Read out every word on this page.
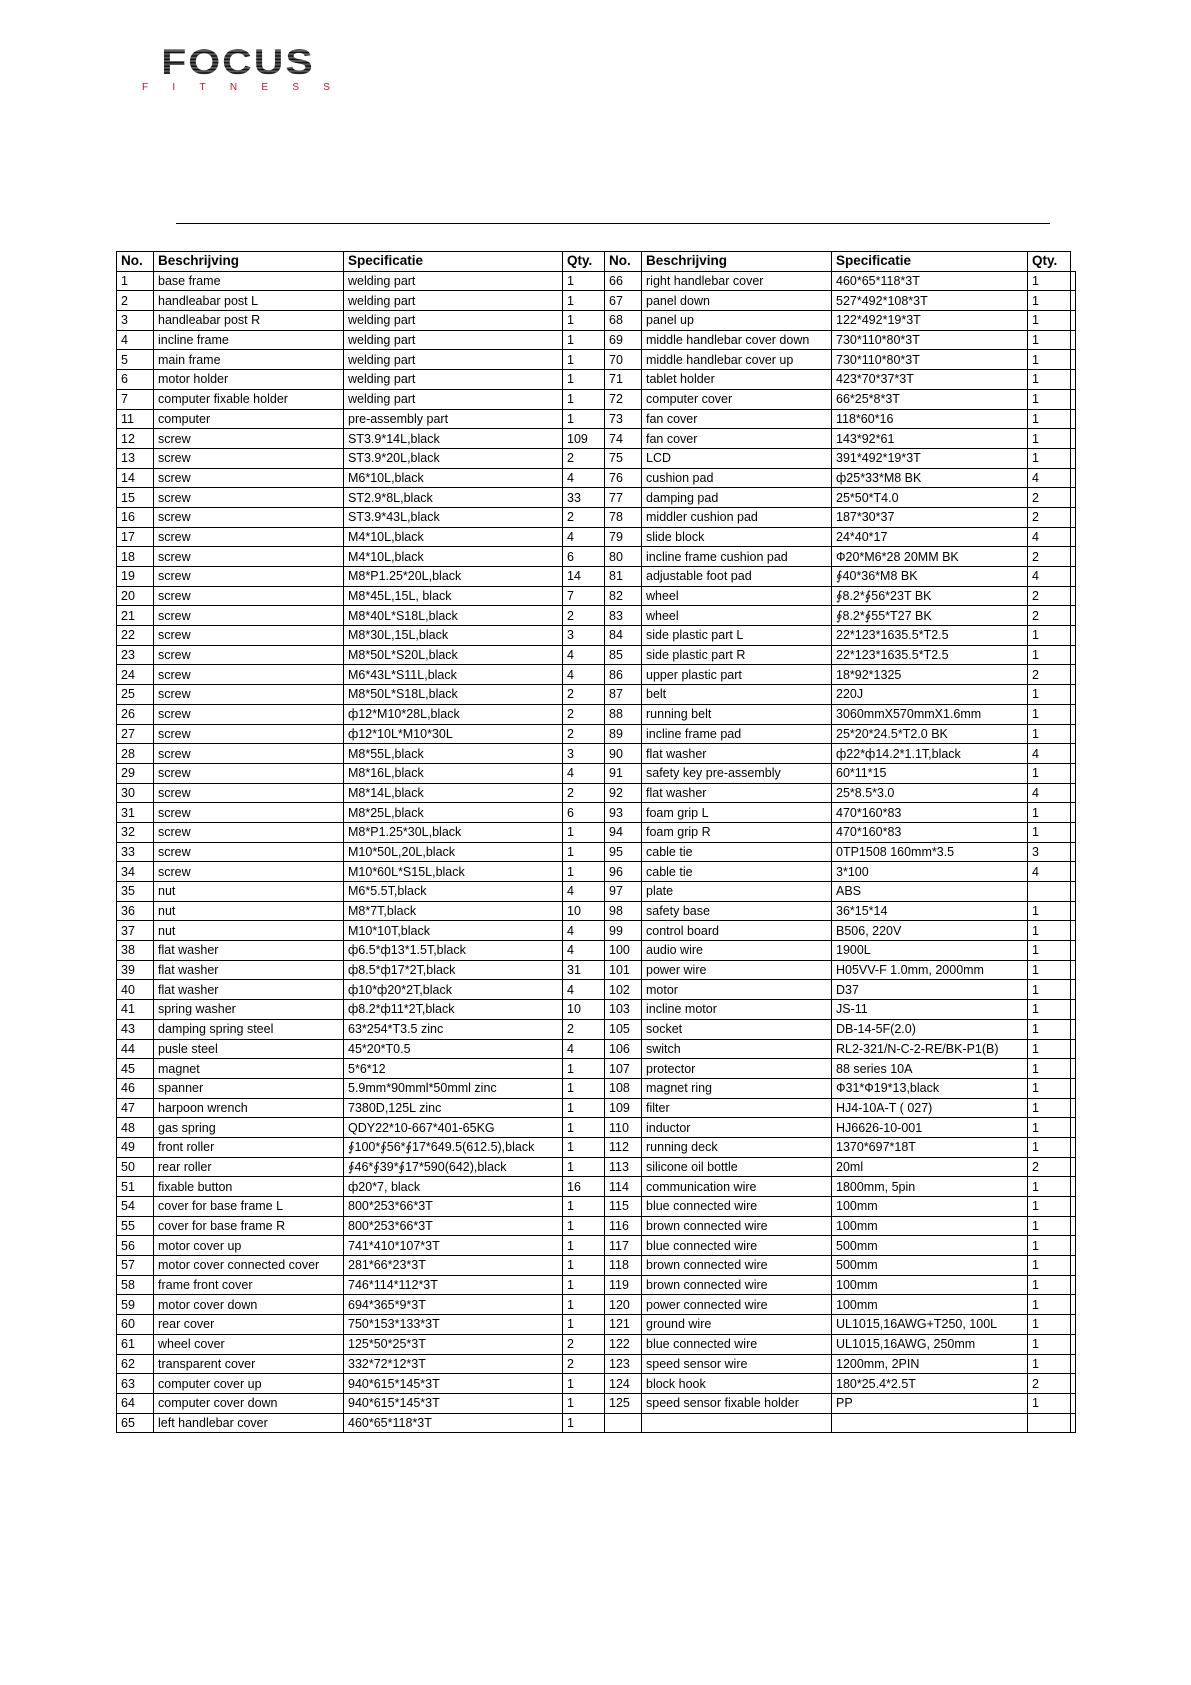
FOCUS
F I T N E S S
No.	Beschrijving	Specificatie	Qty.	No.	Beschrijving	Specificatie	Qty.	
1	base frame	welding part	1	66	right handlebar cover	460*65*118*3T	1	
2	handleabar post L	welding part	1	67	panel down	527*492*108*3T	1	
3	handleabar post R	welding part	1	68	panel up	122*492*19*3T	1	
4	incline frame	welding part	1	69	middle handlebar cover down	730*110*80*3T	1	
5	main frame	welding part	1	70	middle handlebar cover up	730*110*80*3T	1	
6	motor holder	welding part	1	71	tablet holder	423*70*37*3T	1	
7	computer fixable holder	welding part	1	72	computer cover	66*25*8*3T	1	
11	computer	pre-assembly part	1	73	fan cover	118*60*16	1	
12	screw	ST3.9*14L,black	109	74	fan cover	143*92*61	1	
13	screw	ST3.9*20L,black	2	75	LCD	391*492*19*3T	1	
14	screw	M6*10L,black	4	76	cushion pad	ф25*33*M8 BK	4	
15	screw	ST2.9*8L,black	33	77	damping pad	25*50*T4.0	2	
16	screw	ST3.9*43L,black	2	78	middler cushion pad	187*30*37	2	
17	screw	M4*10L,black	4	79	slide block	24*40*17	4	
18	screw	M4*10L,black	6	80	incline frame cushion pad	Ф20*M6*28 20MM BK	2	
19	screw	M8*P1.25*20L,black	14	81	adjustable foot pad	∮40*36*M8 BK	4	
20	screw	M8*45L,15L, black	7	82	wheel	∮8.2*∮56*23T BK	2	
21	screw	M8*40L*S18L,black	2	83	wheel	∮8.2*∮55*T27 BK	2	
22	screw	M8*30L,15L,black	3	84	side plastic part L	22*123*1635.5*T2.5	1	
23	screw	M8*50L*S20L,black	4	85	side plastic part R	22*123*1635.5*T2.5	1	
24	screw	M6*43L*S11L,black	4	86	upper plastic part	18*92*1325	2	
25	screw	M8*50L*S18L,black	2	87	belt	220J	1	
26	screw	ф12*M10*28L,black	2	88	running belt	3060mmX570mmX1.6mm	1	
27	screw	ф12*10L*M10*30L	2	89	incline frame pad	25*20*24.5*T2.0 BK	1	
28	screw	M8*55L,black	3	90	flat washer	ф22*ф14.2*1.1T,black	4	
29	screw	M8*16L,black	4	91	safety key pre-assembly	60*11*15	1	
30	screw	M8*14L,black	2	92	flat washer	25*8.5*3.0	4	
31	screw	M8*25L,black	6	93	foam grip L	470*160*83	1	
32	screw	M8*P1.25*30L,black	1	94	foam grip R	470*160*83	1	
33	screw	M10*50L,20L,black	1	95	cable tie	0TP1508 160mm*3.5	3	
34	screw	M10*60L*S15L,black	1	96	cable tie	3*100	4	
35	nut	M6*5.5T,black	4	97	plate	ABS		
36	nut	M8*7T,black	10	98	safety base	36*15*14	1	
37	nut	M10*10T,black	4	99	control board	B506, 220V	1	
38	flat washer	ф6.5*ф13*1.5T,black	4	100	audio wire	1900L	1	
39	flat washer	ф8.5*ф17*2T,black	31	101	power wire	H05VV-F 1.0mm, 2000mm	1	
40	flat washer	ф10*ф20*2T,black	4	102	motor	D37	1	
41	spring washer	ф8.2*ф11*2T,black	10	103	incline motor	JS-11	1	
43	damping spring steel	63*254*T3.5 zinc	2	105	socket	DB-14-5F(2.0)	1	
44	pusle steel	45*20*T0.5	4	106	switch	RL2-321/N-C-2-RE/BK-P1(B)	1	
45	magnet	5*6*12	1	107	protector	88 series 10A	1	
46	spanner	5.9mm*90mml*50mml zinc	1	108	magnet ring	Ф31*Ф19*13,black	1	
47	harpoon wrench	7380D,125L zinc	1	109	filter	HJ4-10A-T ( 027)	1	
48	gas spring	QDY22*10-667*401-65KG	1	110	inductor	HJ6626-10-001	1	
49	front roller	∮100*∮56*∮17*649.5(612.5),black	1	112	running deck	1370*697*18T	1	
50	rear roller	∮46*∮39*∮17*590(642),black	1	113	silicone oil bottle	20ml	2	
51	fixable button	ф20*7, black	16	114	communication wire	1800mm, 5pin	1	
54	cover for base frame L	800*253*66*3T	1	115	blue connected wire	100mm	1	
55	cover for base frame R	800*253*66*3T	1	116	brown connected wire	100mm	1	
56	motor cover up	741*410*107*3T	1	117	blue connected wire	500mm	1	
57	motor cover connected cover	281*66*23*3T	1	118	brown connected wire	500mm	1	
58	frame front cover	746*114*112*3T	1	119	brown connected wire	100mm	1	
59	motor cover down	694*365*9*3T	1	120	power connected wire	100mm	1	
60	rear cover	750*153*133*3T	1	121	ground wire	UL1015,16AWG+T250, 100L	1	
61	wheel cover	125*50*25*3T	2	122	blue connected wire	UL1015,16AWG, 250mm	1	
62	transparent cover	332*72*12*3T	2	123	speed sensor wire	1200mm, 2PIN	1	
63	computer cover up	940*615*145*3T	1	124	block hook	180*25.4*2.5T	2	
64	computer cover down	940*615*145*3T	1	125	speed sensor fixable holder	PP	1	
65	left handlebar cover	460*65*118*3T	1					
